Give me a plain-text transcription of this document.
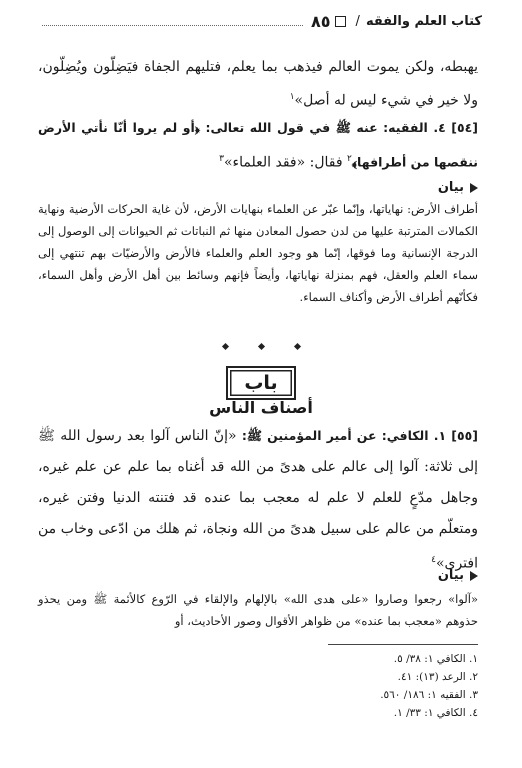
كتاب العلم والفقه
/
٨٥
يهبطه، ولكن يموت العالم فيذهب بما يعلم، فتليهم الجفاة فيَضِلّون ويُضِلّون، ولا خير في شيء ليس له أصل»$^١$
[٥٤] ٤. الفقيه: عنه ﷺ في قول الله تعالى: ﴿أو لم يروا أنّا نأتي الأرض ننقصها من أطرافها﴾$^٢$ فقال: «فقد العلماء»$^٣$
بيان
أطراف الأرض: نهاياتها، وإنّما عبّر عن العلماء بنهايات الأرض، لأن غاية الحركات الأرضية ونهاية الكمالات المترتبة عليها من لدن حصول المعادن منها ثم النباتات ثم الحيوانات إلى الوصول إلى الدرجة الإنسانية وما فوقها، إنّما هو وجود العلم والعلماء فالأرض والأرضيّات بهم تنتهي إلى سماء العلم والعقل، فهم بمنزلة نهاياتها، وأيضاً فإنهم وسائط بين أهل الأرض وأهل السماء، فكأنّهم أطراف الأرض وأكناف السماء.
باب
أصناف الناس
[٥٥] ١. الكافي: عن أمير المؤمنين ﷺ: «إنّ الناس آلوا بعد رسول الله ﷺ إلى ثلاثة: آلوا إلى عالم على هدىً من الله قد أغناه بما علم عن علم غيره، وجاهل مدّعٍ للعلم لا علم له معجب بما عنده قد فتنته الدنيا وفتن غيره، ومتعلّم من عالم على سبيل هدىً من الله ونجاة، ثم هلك من ادّعى وخاب من افترى»$^٤$
بيان
«آلوا» رجعوا وصاروا «على هدى الله» بالإلهام والإلقاء في الرّوع كالأئمة ﷺ ومن يحذو حذوهم «معجب بما عنده» من ظواهر الأقوال وصور الأحاديث، أو
١. الكافي ١: ٣٨/ ٥.
٢. الرعد (١٣): ٤١.
٣. الفقيه ١: ١٨٦/ ٥٦٠.
٤. الكافي ١: ٣٣/ ١.
